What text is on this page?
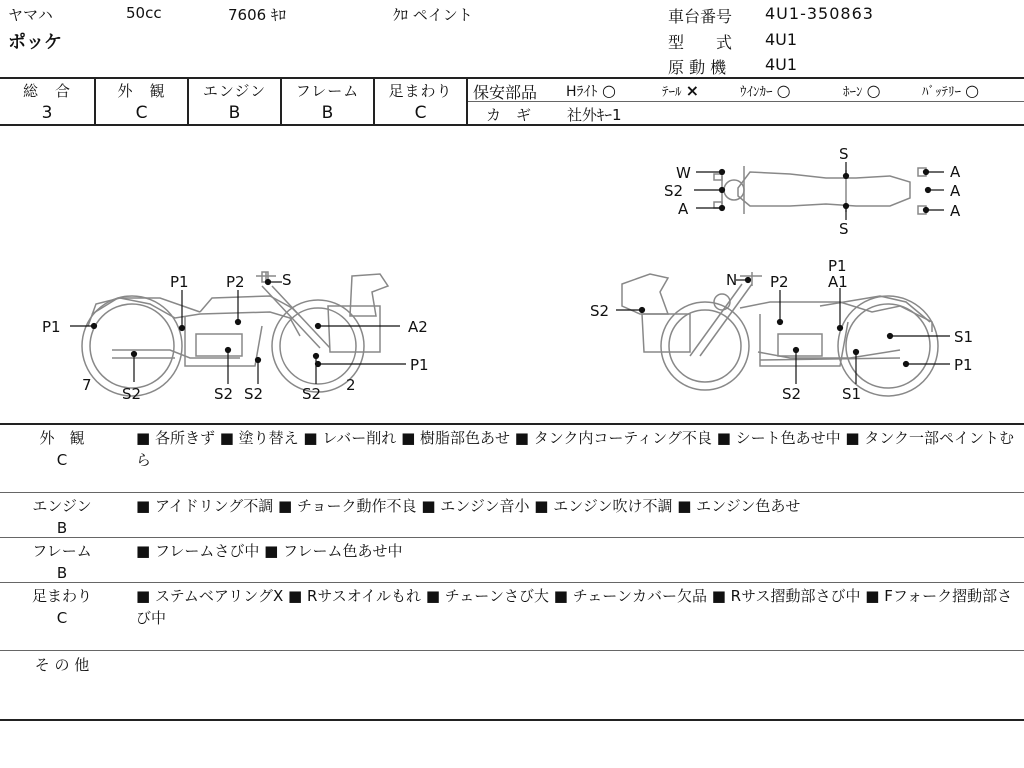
ヤマハ	50cc	7606 ｷﾛ	ｸﾛ ペイント
ポッケ
車台番号 4U1-350863
型　　式 4U1
原 動 機 4U1
総　合
3
外　観
C
エンジン
B
フレーム
B
足まわり
C
保安部品 Hﾗｲﾄ ○	ﾃｰﾙ ×	ｳｲﾝｶｰ ○	ﾎｰﾝ ○	ﾊﾞｯﾃﾘｰ ○
カ　ギ 社外ｷｰ1
P1
P1 P2 S
A2
P1
7 S2	S2 S2	S2 2
S2
N P2
P1
A1
S1
P1
S2	S1
W
S2
A
S
S
A
A
A
外　観
C
■ 各所きず ■ 塗り替え ■ レバー削れ ■ 樹脂部色あせ ■ タンク内コーティング不良 ■ シート色あせ中 ■ タンク一部ペイントむら
エンジン
B
■ アイドリング不調 ■ チョーク動作不良 ■ エンジン音小 ■ エンジン吹け不調 ■ エンジン色あせ
フレーム
B
■ フレームさび中 ■ フレーム色あせ中
足まわり
C
■ ステムベアリングX ■ Rサスオイルもれ ■ チェーンさび大 ■ チェーンカバー欠品 ■ Rサス摺動部さび中 ■ Fフォーク摺動部さび中
そ の 他
